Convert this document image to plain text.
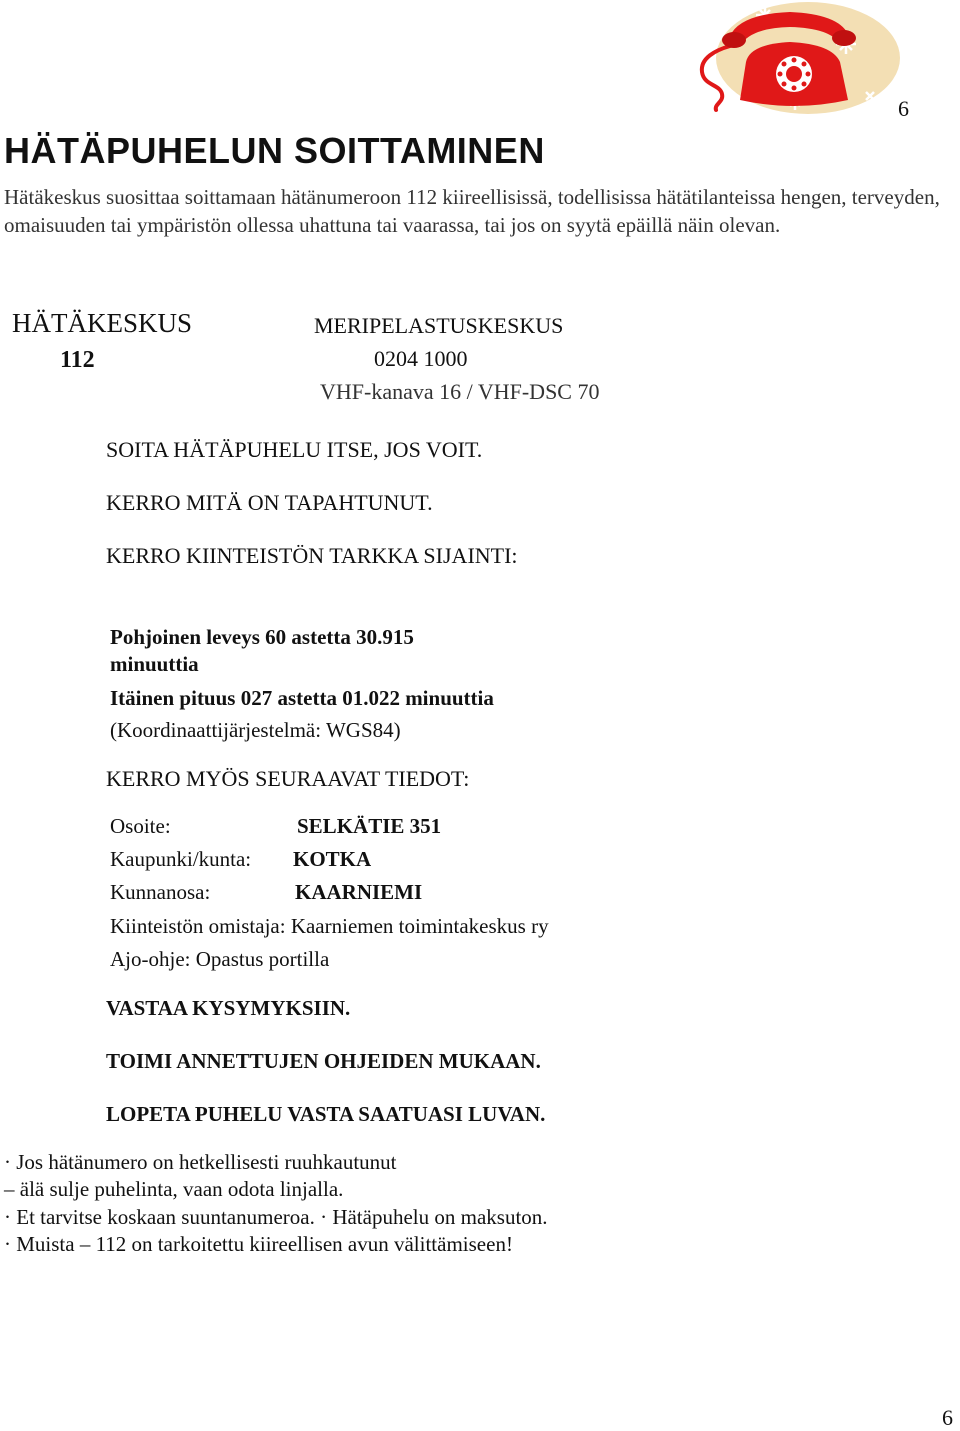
6
HÄTÄPUHELUN SOITTAMINEN
Hätäkeskus suosittaa soittamaan hätänumeroon 112 kiireellisissä, todellisissa hätätilanteissa hengen, terveyden, omaisuuden tai ympäristön ollessa uhattuna tai vaarassa, tai jos on syytä epäillä näin olevan.
HÄTÄKESKUS
112
MERIPELASTUSKESKUS
0204 1000
VHF-kanava 16 / VHF-DSC 70
SOITA HÄTÄPUHELU ITSE, JOS VOIT.
KERRO MITÄ ON TAPAHTUNUT.
KERRO KIINTEISTÖN TARKKA SIJAINTI:
Pohjoinen leveys 60 astetta 30.915
minuuttia
Itäinen pituus 027 astetta 01.022 minuuttia
(Koordinaattijärjestelmä: WGS84)
KERRO MYÖS SEURAAVAT TIEDOT:
Osoite:	SELKÄTIE 351
Kaupunki/kunta: KOTKA
Kunnanosa:	KAARNIEMI
Kiinteistön omistaja: Kaarniemen toimintakeskus ry
Ajo-ohje: Opastus portilla
VASTAA KYSYMYKSIIN.
TOIMI ANNETTUJEN OHJEIDEN MUKAAN.
LOPETA PUHELU VASTA SAATUASI LUVAN.
· Jos hätänumero on hetkellisesti ruuhkautunut
– älä sulje puhelinta, vaan odota linjalla.
· Et tarvitse koskaan suuntanumeroa. · Hätäpuhelu on maksuton.
· Muista – 112 on tarkoitettu kiireellisen avun välittämiseen!
6
